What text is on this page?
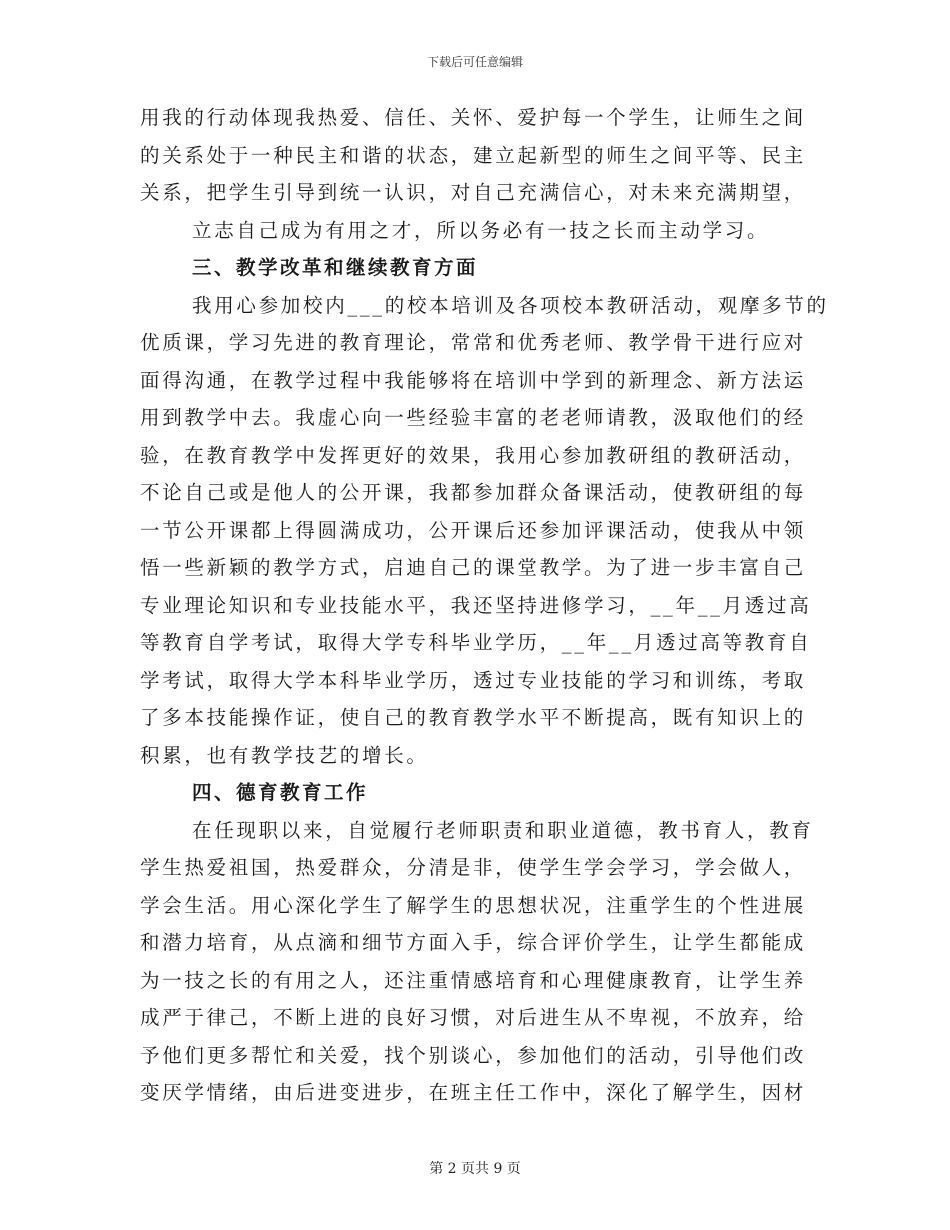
下载后可任意编辑
用我的行动体现我热爱、信任、关怀、爱护每一个学生，让师生之间
的关系处于一种民主和谐的状态，建立起新型的师生之间平等、民主
关系，把学生引导到统一认识，对自己充满信心，对未来充满期望，
立志自己成为有用之才，所以务必有一技之长而主动学习。
三、教学改革和继续教育方面
我用心参加校内___的校本培训及各项校本教研活动，观摩多节的
优质课，学习先进的教育理论，常常和优秀老师、教学骨干进行应对
面得沟通，在教学过程中我能够将在培训中学到的新理念、新方法运
用到教学中去。我虚心向一些经验丰富的老老师请教，汲取他们的经
验，在教育教学中发挥更好的效果，我用心参加教研组的教研活动，
不论自己或是他人的公开课，我都参加群众备课活动，使教研组的每
一节公开课都上得圆满成功，公开课后还参加评课活动，使我从中领
悟一些新颖的教学方式，启迪自己的课堂教学。为了进一步丰富自己
专业理论知识和专业技能水平，我还坚持进修学习，__年__月透过高
等教育自学考试，取得大学专科毕业学历，__年__月透过高等教育自
学考试，取得大学本科毕业学历，透过专业技能的学习和训练，考取
了多本技能操作证，使自己的教育教学水平不断提高，既有知识上的
积累，也有教学技艺的增长。
四、德育教育工作
在任现职以来，自觉履行老师职责和职业道德，教书育人，教育
学生热爱祖国，热爱群众，分清是非，使学生学会学习，学会做人，
学会生活。用心深化学生了解学生的思想状况，注重学生的个性进展
和潜力培育，从点滴和细节方面入手，综合评价学生，让学生都能成
为一技之长的有用之人，还注重情感培育和心理健康教育，让学生养
成严于律己，不断上进的良好习惯，对后进生从不卑视，不放弃，给
予他们更多帮忙和关爱，找个别谈心，参加他们的活动，引导他们改
变厌学情绪，由后进变进步，在班主任工作中，深化了解学生，因材
第 2 页共 9 页
